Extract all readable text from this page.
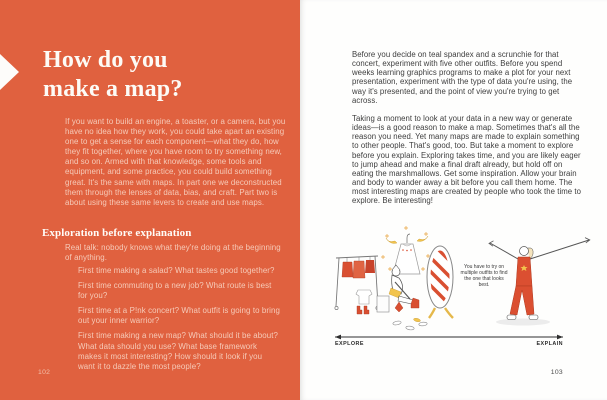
How do you
make a map?

If you want to build an engine, a toaster, or a camera, but you have no idea how they work, you could take apart an existing one to get a sense for each component—what they do, how they fit together, where you have room to try something new, and so on. Armed with that knowledge, some tools and equipment, and some practice, you could build something great. It's the same with maps. In part one we deconstructed them through the lenses of data, bias, and craft. Part two is about using these same levers to create and use maps.

Exploration before explanation

Real talk: nobody knows what they're doing at the beginning of anything.

First time making a salad? What tastes good together?

First time commuting to a new job? What route is best for you?

First time at a P!nk concert? What outfit is going to bring out your inner warrior?

First time making a new map? What should it be about? What data should you use? What base framework makes it most interesting? How should it look if you want it to dazzle the most people?

102

Before you decide on teal spandex and a scrunchie for that concert, experiment with five other outfits. Before you spend weeks learning graphics programs to make a plot for your next presentation, experiment with the type of data you're using, the way it's presented, and the point of view you're trying to get across.

Taking a moment to look at your data in a new way or generate ideas—is a good reason to make a map. Sometimes that's all the reason you need. Yet many maps are made to explain something to other people. That's good, too. But take a moment to explore before you explain. Exploring takes time, and you are likely eager to jump ahead and make a final draft already, but hold off on eating the marshmallows. Get some inspiration. Allow your brain and body to wander away a bit before you call them home. The most interesting maps are created by people who took the time to explore. Be interesting!

You have to try on multiple outfits to find the one that looks best.
EXPLORE	EXPLAIN
103
